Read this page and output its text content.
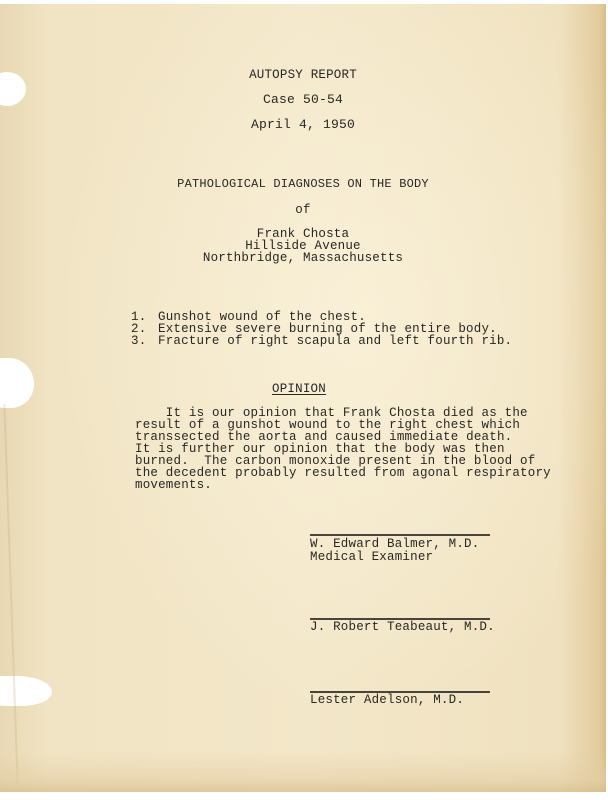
AUTOPSY REPORT
Case 50-54
April 4, 1950
PATHOLOGICAL DIAGNOSES ON THE BODY
of
Frank Chosta
Hillside Avenue
Northbridge, Massachusetts
1. Gunshot wound of the chest.
2. Extensive severe burning of the entire body.
3. Fracture of right scapula and left fourth rib.
OPINION
It is our opinion that Frank Chosta died as the
result of a gunshot wound to the right chest which
transsected the aorta and caused immediate death.
It is further our opinion that the body was then
burned.  The carbon monoxide present in the blood of
the decedent probably resulted from agonal respiratory
movements.
W. Edward Balmer, M.D.
Medical Examiner
J. Robert Teabeaut, M.D.
Lester Adelson, M.D.
